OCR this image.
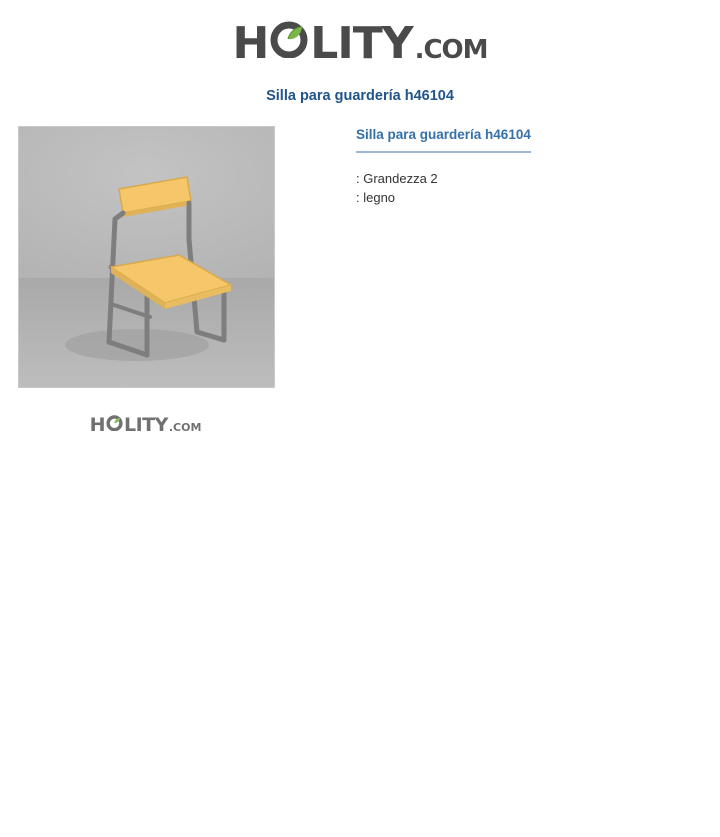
H LITY .COM
Silla para guardería h46104
H LITY .COM
Silla para guardería h46104
: Grandezza 2
: legno
